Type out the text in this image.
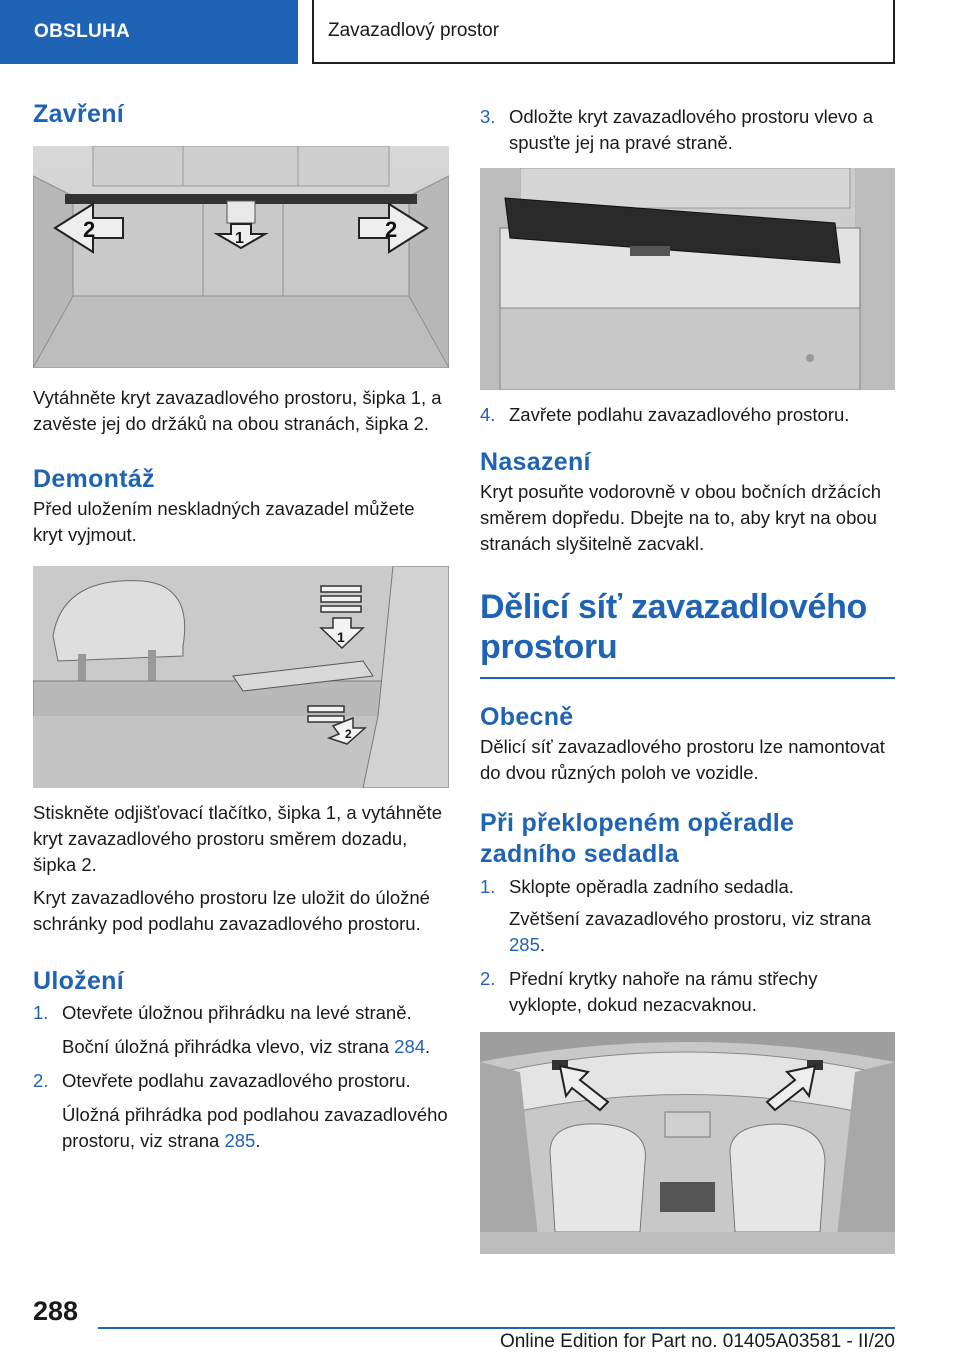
OBSLUHA	Zavazadlový prostor
Zavření
2	1	2

Vytáhněte kryt zavazadlového prostoru, šipka 1, a zavěste jej do držáků na obou stranách, šipka 2.

Demontáž

Před uložením neskladných zavazadel můžete kryt vyjmout.

1
2

Stiskněte odjišťovací tlačítko, šipka 1, a vytáhněte kryt zavazadlového prostoru směrem dozadu, šipka 2.

Kryt zavazadlového prostoru lze uložit do úložné schránky pod podlahu zavazadlového prostoru.

Uložení
1. Otevřete úložnou přihrádku na levé straně.
Boční úložná přihrádka vlevo, viz strana 284.
2. Otevřete podlahu zavazadlového prostoru.
Úložná přihrádka pod podlahou zavazadlového prostoru, viz strana 285.
3. Odložte kryt zavazadlového prostoru vlevo a spusťte jej na pravé straně.
4. Zavřete podlahu zavazadlového prostoru.
Nasazení

Kryt posuňte vodorovně v obou bočních držácích směrem dopředu. Dbejte na to, aby kryt na obou stranách slyšitelně zacvakl.

Dělicí síť zavazadlového prostoru
Obecně

Dělicí síť zavazadlového prostoru lze namontovat do dvou různých poloh ve vozidle.

Při překlopeném opěradle zadního sedadla
1. Sklopte opěradla zadního sedadla.
Zvětšení zavazadlového prostoru, viz strana 285.
2. Přední krytky nahoře na rámu střechy vyklopte, dokud nezacvaknou.
288
Online Edition for Part no. 01405A03581 - II/20
